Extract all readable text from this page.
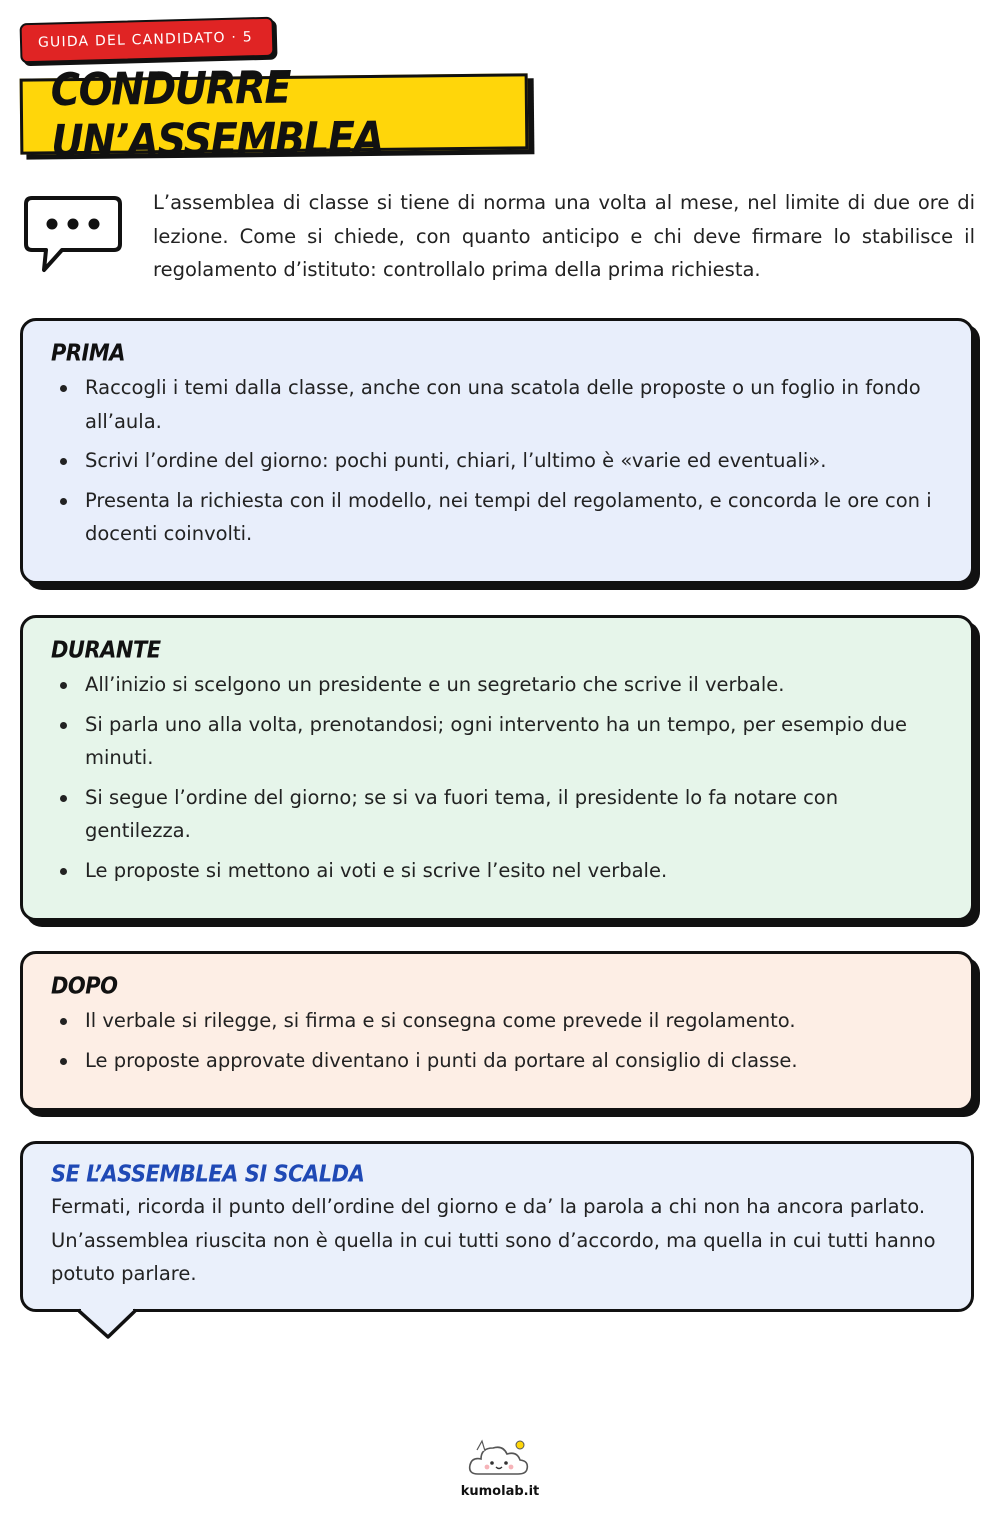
GUIDA DEL CANDIDATO · 5
CONDURRE UN’ASSEMBLEA

L’assemblea di classe si tiene di norma una volta al mese, nel limite di due ore di lezione. Come si chiede, con quanto anticipo e chi deve firmare lo stabilisce il regolamento d’istituto: controllalo prima della prima richiesta.

PRIMA
Raccogli i temi dalla classe, anche con una scatola delle proposte o un foglio in fondo all’aula.
Scrivi l’ordine del giorno: pochi punti, chiari, l’ultimo è «varie ed eventuali».
Presenta la richiesta con il modello, nei tempi del regolamento, e concorda le ore con i docenti coinvolti.
DURANTE
All’inizio si scelgono un presidente e un segretario che scrive il verbale.
Si parla uno alla volta, prenotandosi; ogni intervento ha un tempo, per esempio due minuti.
Si segue l’ordine del giorno; se si va fuori tema, il presidente lo fa notare con gentilezza.
Le proposte si mettono ai voti e si scrive l’esito nel verbale.
DOPO
Il verbale si rilegge, si firma e si consegna come prevede il regolamento.
Le proposte approvate diventano i punti da portare al consiglio di classe.
SE L’ASSEMBLEA SI SCALDA

Fermati, ricorda il punto dell’ordine del giorno e da’ la parola a chi non ha ancora parlato. Un’assemblea riuscita non è quella in cui tutti sono d’accordo, ma quella in cui tutti hanno potuto parlare.

kumolab.it
